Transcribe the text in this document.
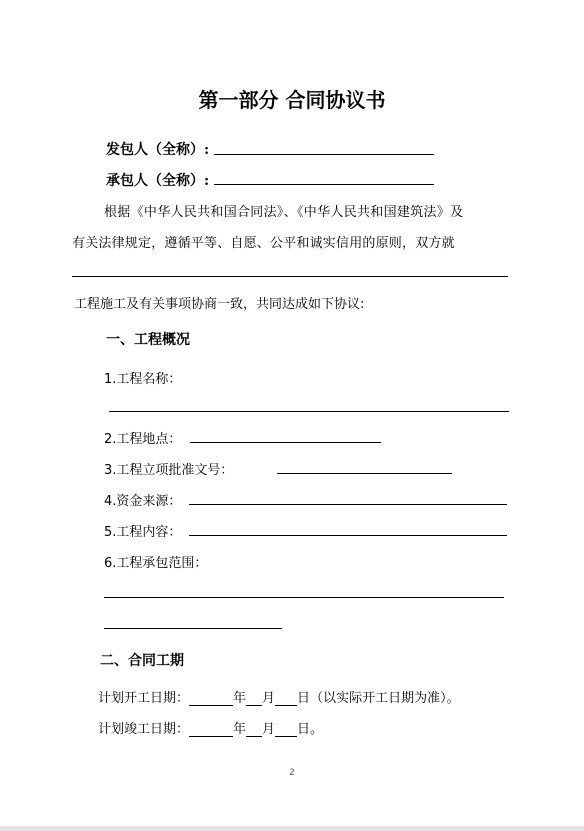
第一部分 合同协议书
发包人（全称）:
承包人（全称）:
根据《中华人民共和国合同法》、《中华人民共和国建筑法》及
有关法律规定，遵循平等、自愿、公平和诚实信用的原则，双方就
工程施工及有关事项协商一致，共同达成如下协议:
一、工程概况
1.工程名称：
2.工程地点：
3.工程立项批准文号：
4.资金来源：
5.工程内容：
6.工程承包范围：
二、合同工期
计划开工日期：	年 月 日（以实际开工日期为准）。
计划竣工日期：	年 月 日。
2
